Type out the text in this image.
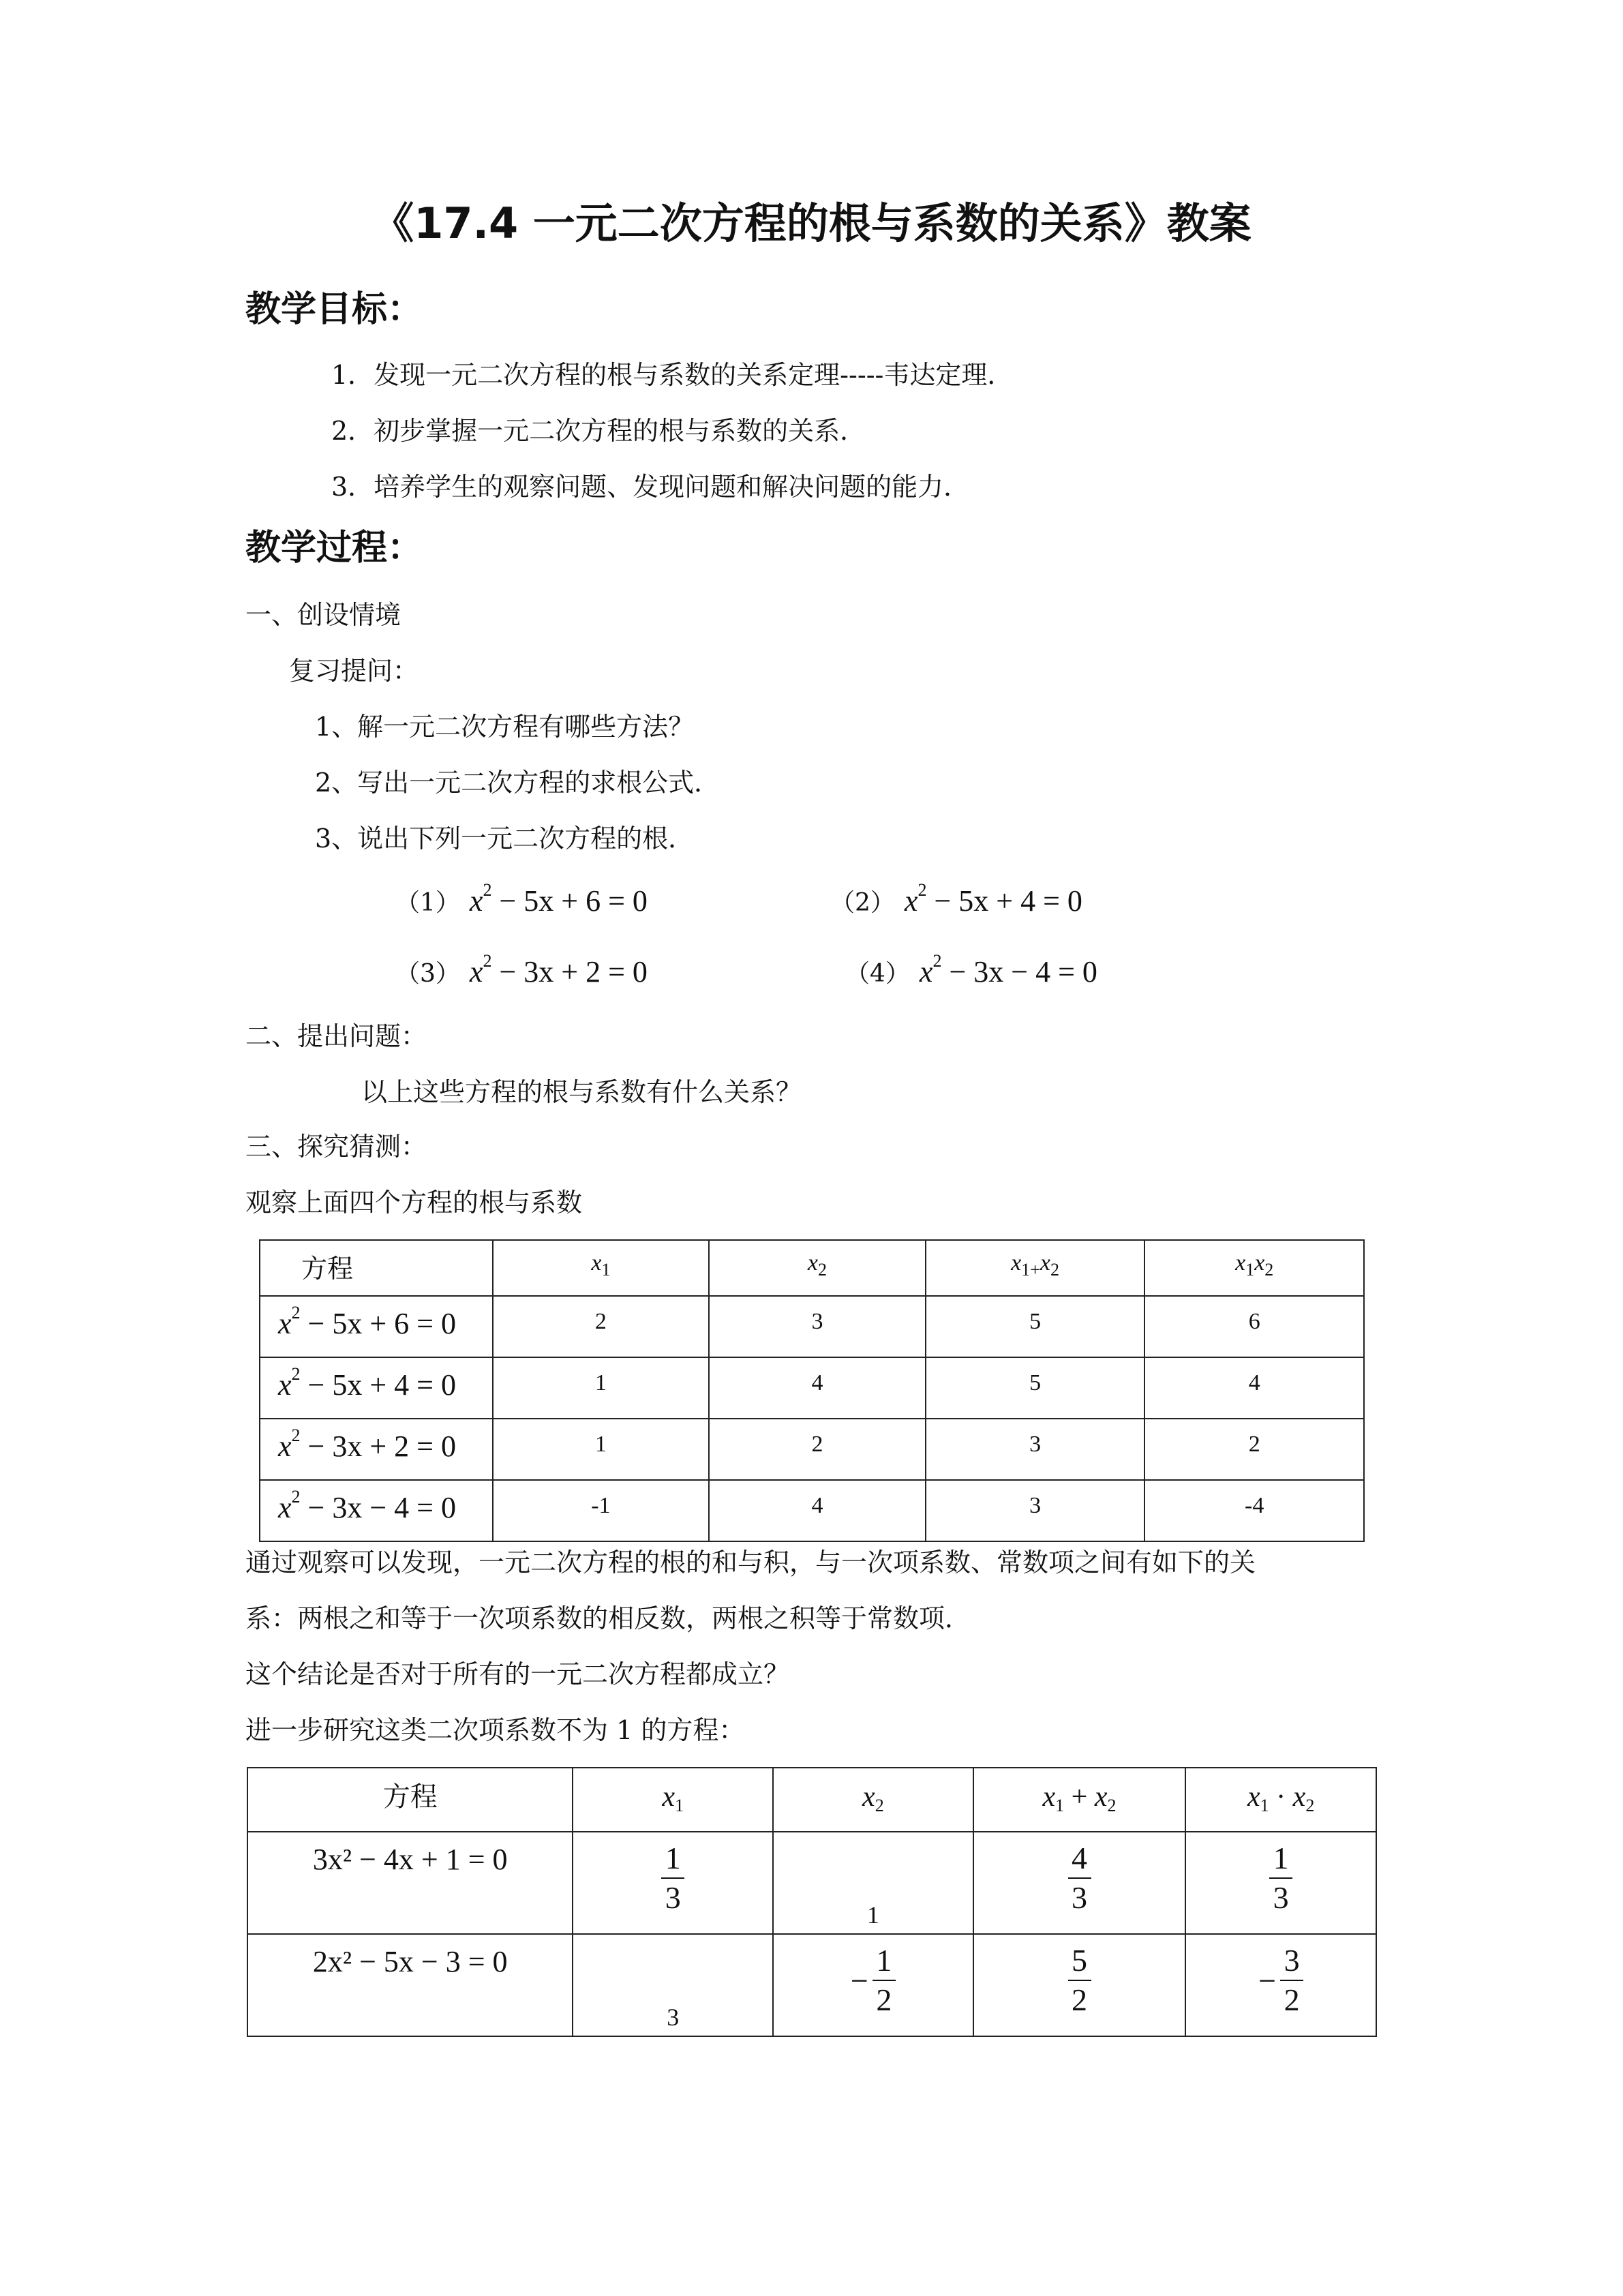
《17.4 一元二次方程的根与系数的关系》教案
教学目标：
1．发现一元二次方程的根与系数的关系定理-----韦达定理．
2．初步掌握一元二次方程的根与系数的关系．
3．培养学生的观察问题、发现问题和解决问题的能力．
教学过程：
一、创设情境
复习提问：
1、解一元二次方程有哪些方法？
2、写出一元二次方程的求根公式．
3、说出下列一元二次方程的根．
（1） $x^2 - 5x + 6 = 0$	（2） $x^2 - 5x + 4 = 0$
（3） $x^2 - 3x + 2 = 0$	（4） $x^2 - 3x - 4 = 0$
二、提出问题：
以上这些方程的根与系数有什么关系？
三、探究猜测：
观察上面四个方程的根与系数
方程	$x_1$	$x_2$	$x_{1+}x_2$	$x_1x_2$
$x^2 - 5x + 6 = 0$	2	3	5	6
$x^2 - 5x + 4 = 0$	1	4	5	4
$x^2 - 3x + 2 = 0$	1	2	3	2
$x^2 - 3x - 4 = 0$	-1	4	3	-4
通过观察可以发现，一元二次方程的根的和与积，与一次项系数、常数项之间有如下的关
系：两根之和等于一次项系数的相反数，两根之积等于常数项．
这个结论是否对于所有的一元二次方程都成立？
进一步研究这类二次项系数不为 1 的方程：
方程	$x_1$	$x_2$	$x_1 + x_2$	$x_1 \cdot x_2$
3x² − 4x + 1 = 0	$\frac{1}{3}$	1	$\frac{4}{3}$	$\frac{1}{3}$

2x² − 5x − 3 = 0	3	− $\frac{1}{2}$	$\frac{5}{2}$	− $\frac{3}{2}$
